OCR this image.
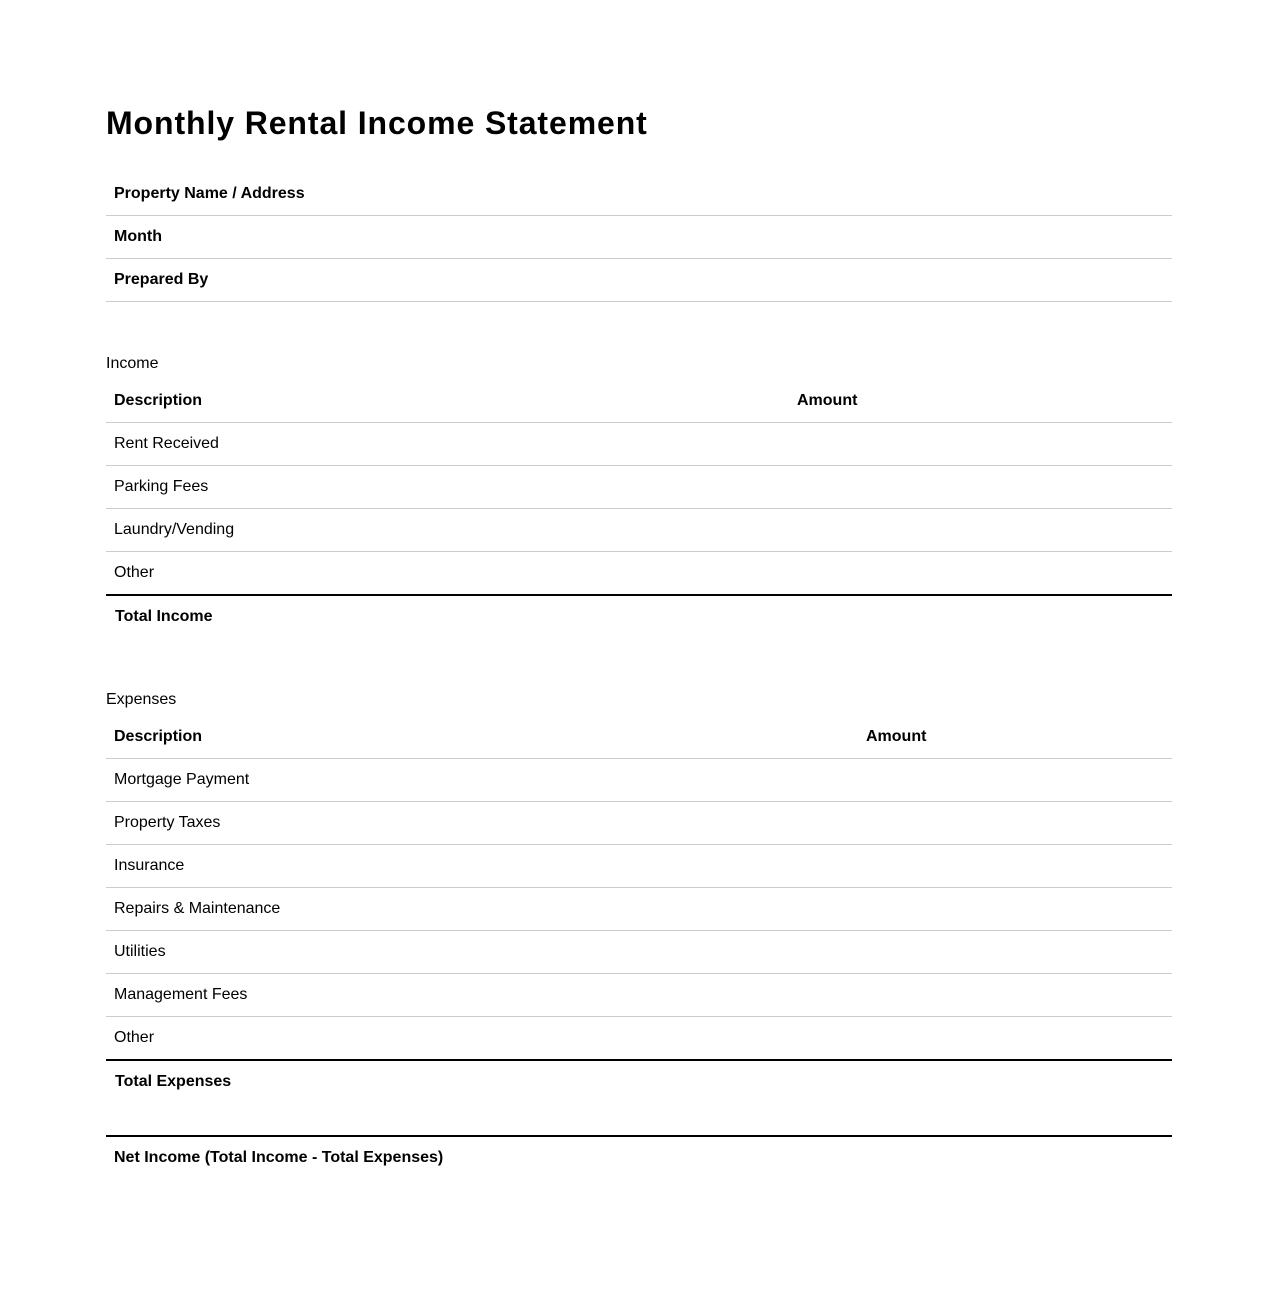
Monthly Rental Income Statement
Property Name / Address
Month
Prepared By
Income
Description	Amount
Rent Received	
Parking Fees	
Laundry/Vending	
Other	
Total Income	
Expenses
Description	Amount
Mortgage Payment	
Property Taxes	
Insurance	
Repairs & Maintenance	
Utilities	
Management Fees	
Other	
Total Expenses	
Net Income (Total Income - Total Expenses)
